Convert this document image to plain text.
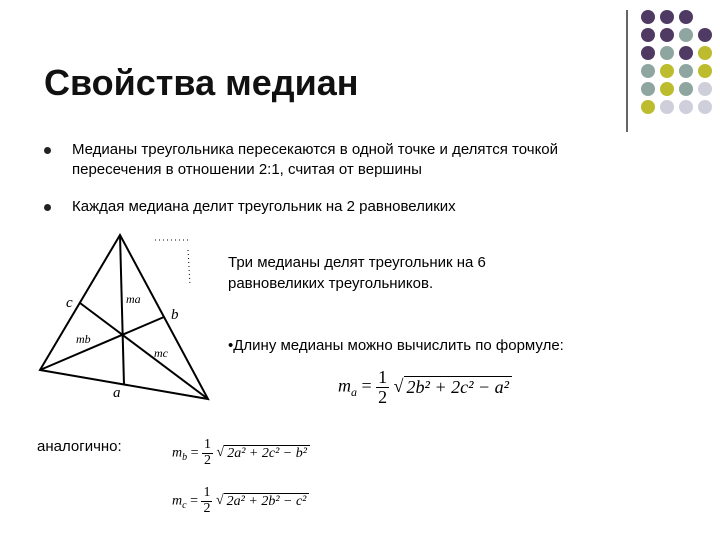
Свойства медиан
Медианы треугольника пересекаются в одной точке и делятся точкой пересечения в отношении 2:1, считая от вершины
Каждая медиана делит треугольник на 2 равновеликих
c	ma
b
mb
mc
a
Три медианы делят треугольник на 6 равновеликих треугольников.
•Длину медианы можно вычислить по формуле:
$m_a = \frac{1}{2}$
√ 2b² + 2c² − a²
аналогично:	$m_b = \frac{1}{2}$
√ 2a² + 2c² − b²
$m_c = \frac{1}{2}$
√ 2a² + 2b² − c²
